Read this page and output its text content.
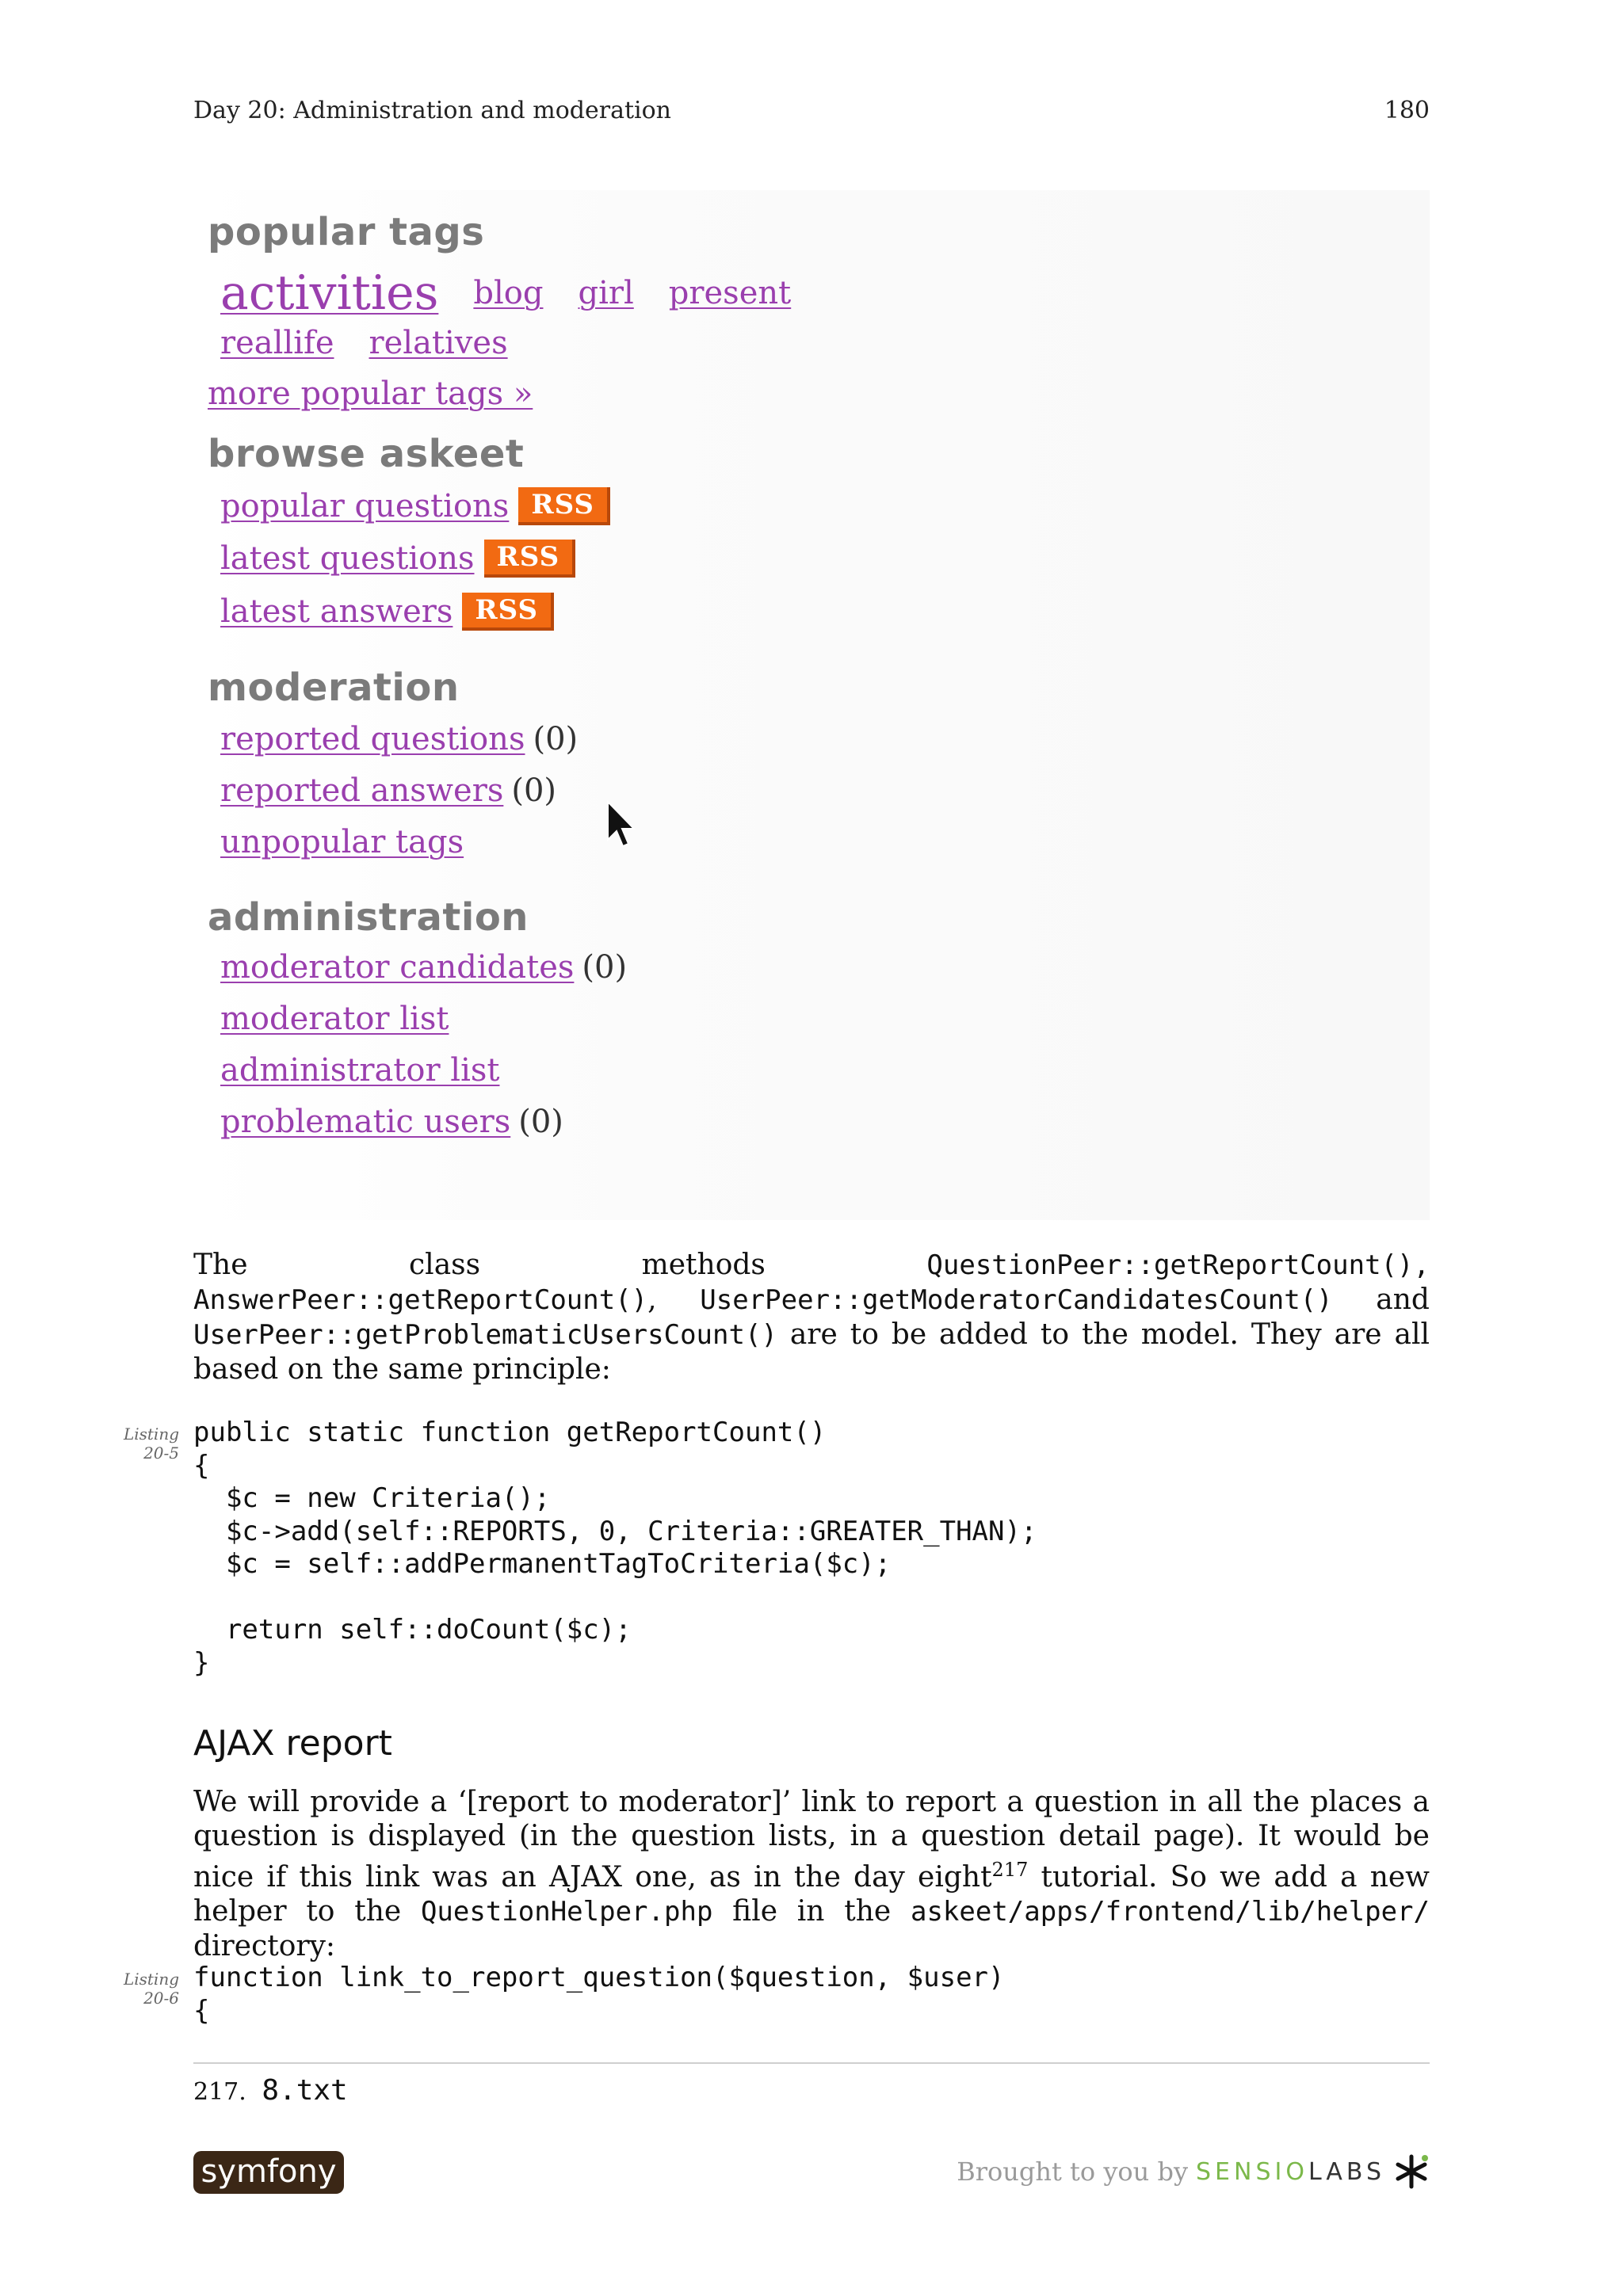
Day 20: Administration and moderation	180
popular tags
activities blog girl present
reallife relatives
more popular tags »
browse askeet
popular questions RSS
latest questions RSS
latest answers RSS
moderation
reported questions (0)
reported answers (0)
unpopular tags
administration
moderator candidates (0)
moderator list
administrator list
problematic users (0)
The	class	methods	QuestionPeer::getReportCount(),
AnswerPeer::getReportCount(), UserPeer::getModeratorCandidatesCount() and UserPeer::getProblematicUsersCount() are to be added to the model. They are all based on the same principle:
Listing
20-5
public static function getReportCount()
{
$c = new Criteria();
$c->add(self::REPORTS, 0, Criteria::GREATER_THAN);
$c = self::addPermanentTagToCriteria($c);

return self::doCount($c);
}
AJAX report
We will provide a ‘[report to moderator]’ link to report a question in all the places a question is displayed (in the question lists, in a question detail page). It would be nice if this link was an AJAX one, as in the day eight$^{217}$ tutorial. So we add a new helper to the QuestionHelper.php file in the askeet/apps/frontend/lib/helper/ directory:
Listing
20-6
function link_to_report_question($question, $user)
{
217. 8.txt
symfony	Brought to you by SENSIOLABS
